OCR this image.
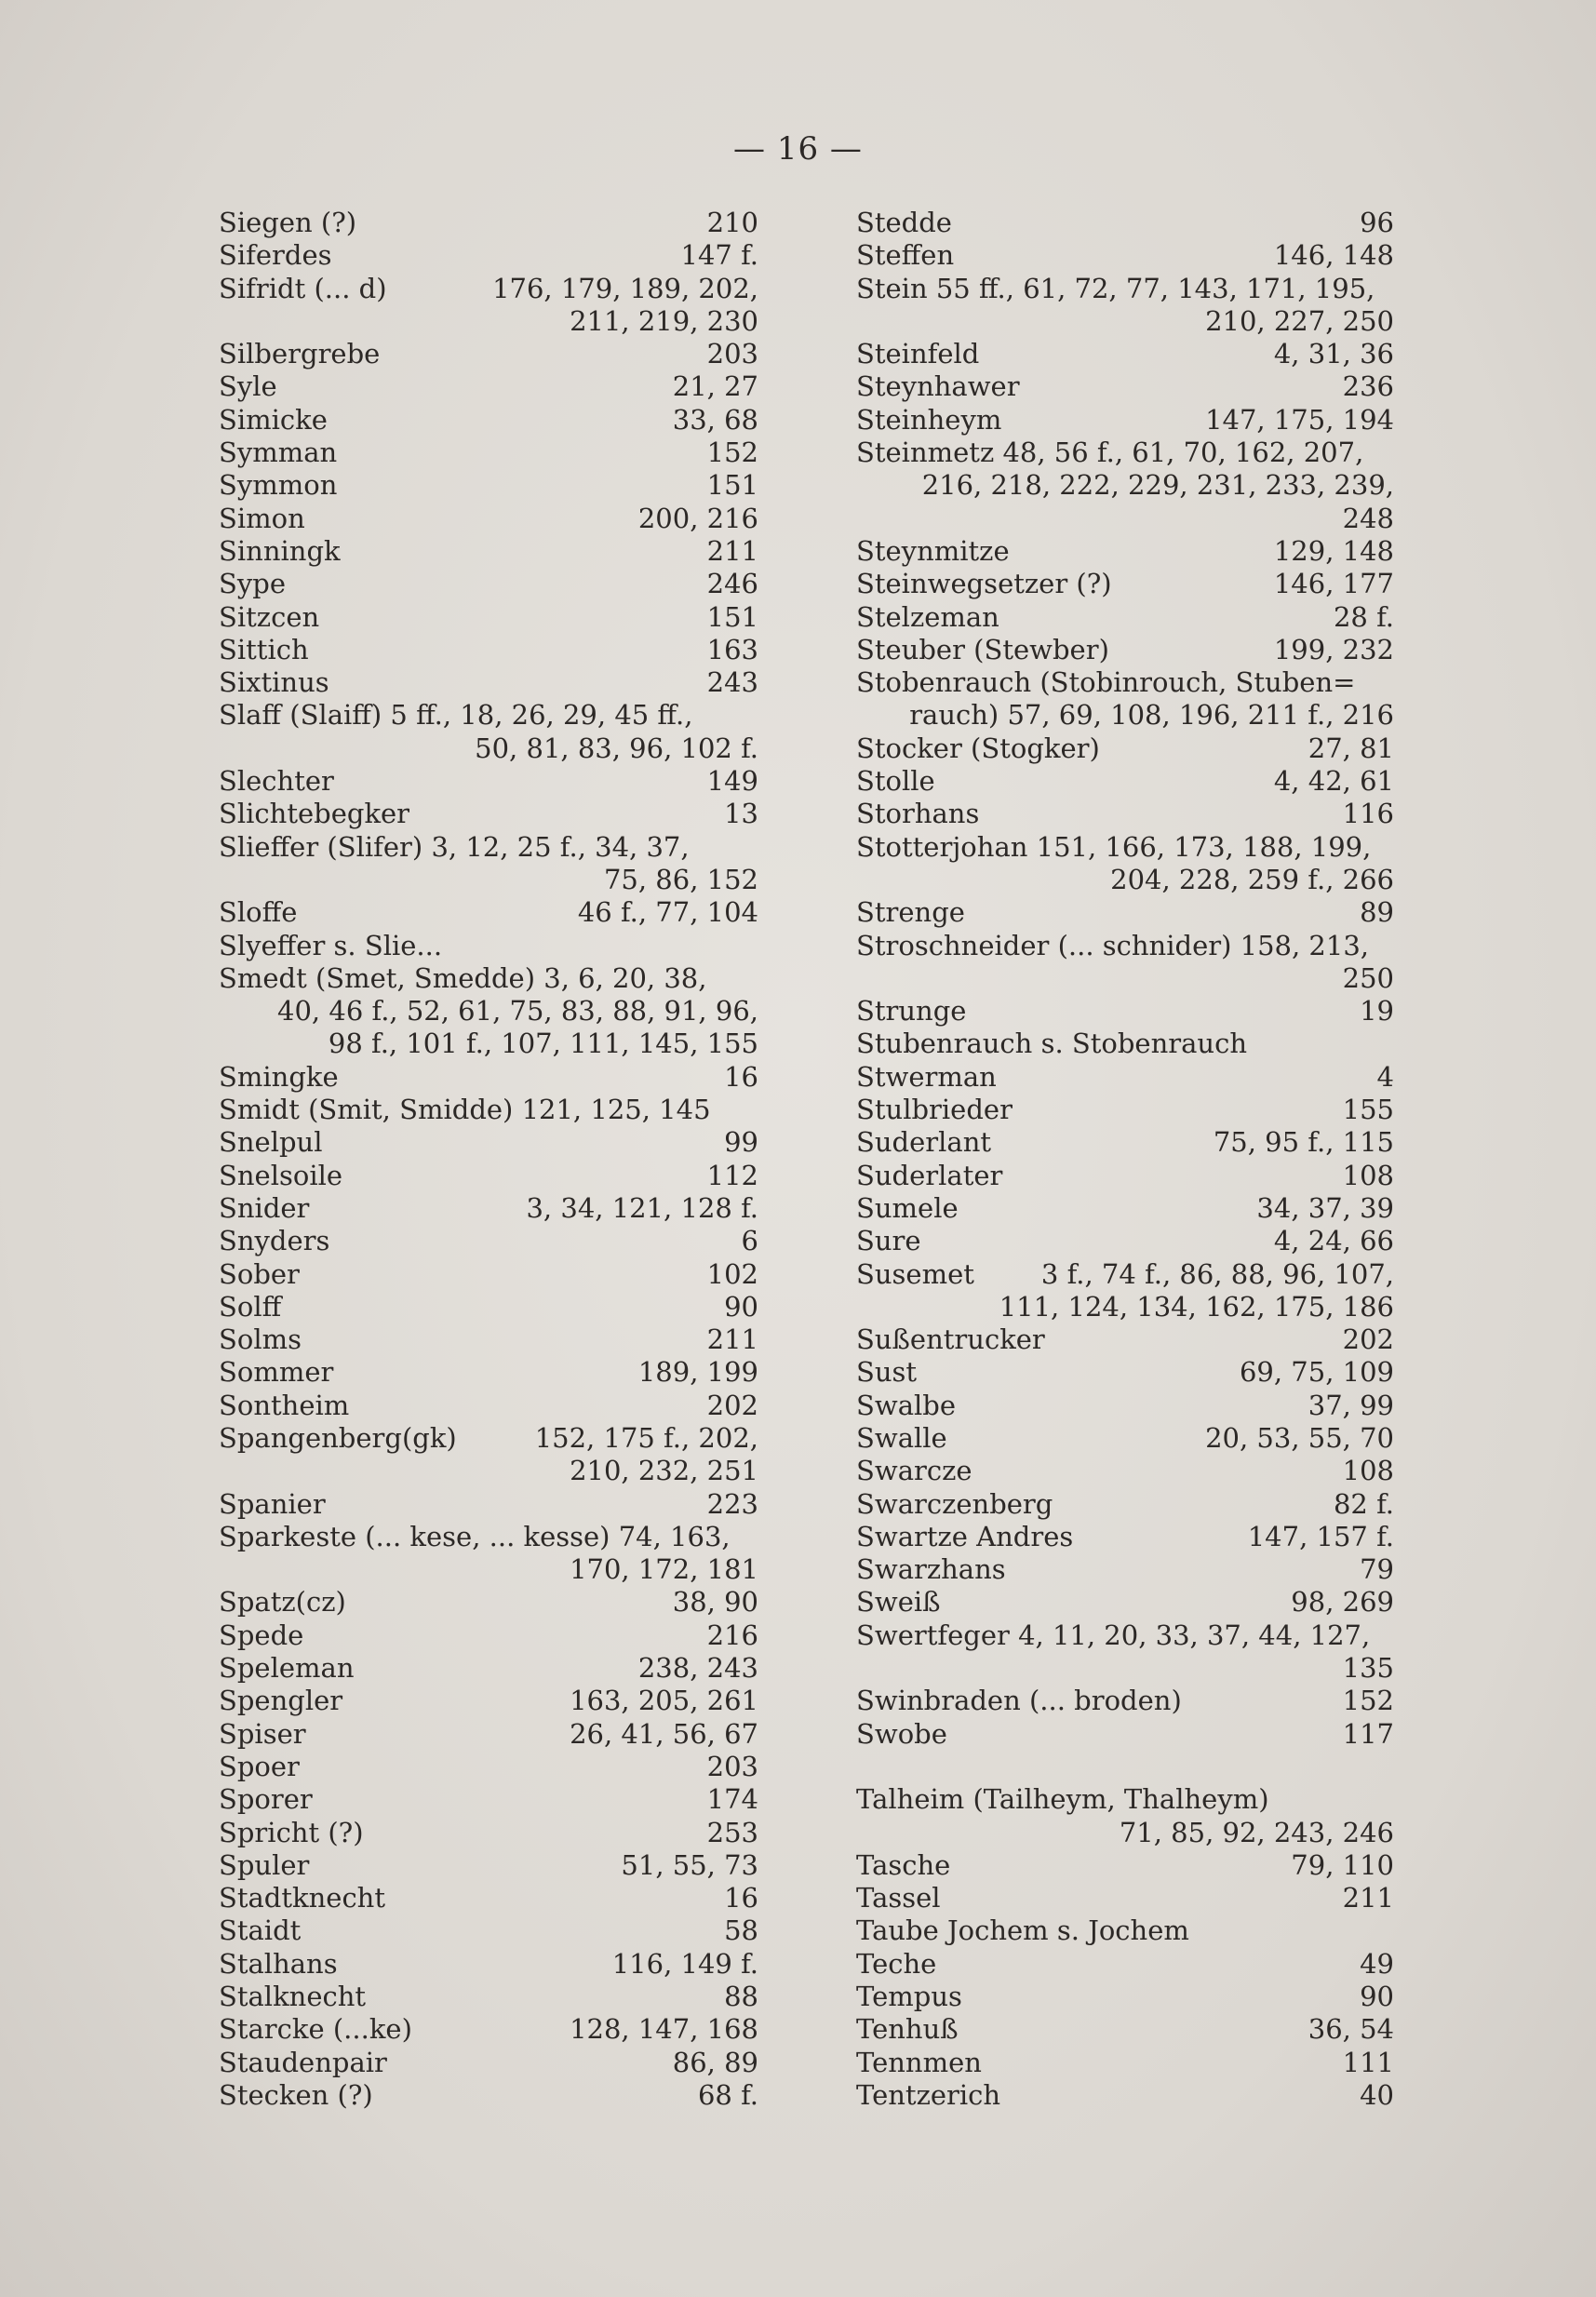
— 16 —
Siegen (?)	210
Siferdes	147 f.
Sifridt (... d)	176, 179, 189, 202,
211, 219, 230
Silbergrebe	203
Syle	21, 27
Simicke	33, 68
Symman	152
Symmon	151
Simon	200, 216
Sinningk	211
Sype	246
Sitzcen	151
Sittich	163
Sixtinus	243
Slaff (Slaiff) 5 ff., 18, 26, 29, 45 ff.,
50, 81, 83, 96, 102 f.
Slechter	149
Slichtebegker	13
Slieffer (Slifer) 3, 12, 25 f., 34, 37,
75, 86, 152
Sloffe	46 f., 77, 104
Slyeffer s. Slie...
Smedt (Smet, Smedde) 3, 6, 20, 38,
40, 46 f., 52, 61, 75, 83, 88, 91, 96,
98 f., 101 f., 107, 111, 145, 155
Smingke	16
Smidt (Smit, Smidde) 121, 125, 145
Snelpul	99
Snelsoile	112
Snider	3, 34, 121, 128 f.
Snyders	6
Sober	102
Solff	90
Solms	211
Sommer	189, 199
Sontheim	202
Spangenberg(gk)	152, 175 f., 202,
210, 232, 251
Spanier	223
Sparkeste (... kese, ... kesse) 74, 163,
170, 172, 181
Spatz(cz)	38, 90
Spede	216
Speleman	238, 243
Spengler	163, 205, 261
Spiser	26, 41, 56, 67
Spoer	203
Sporer	174
Spricht (?)	253
Spuler	51, 55, 73
Stadtknecht	16
Staidt	58
Stalhans	116, 149 f.
Stalknecht	88
Starcke (...ke)	128, 147, 168
Staudenpair	86, 89
Stecken (?)	68 f.
Stedde	96
Steffen	146, 148
Stein 55 ff., 61, 72, 77, 143, 171, 195,
210, 227, 250
Steinfeld	4, 31, 36
Steynhawer	236
Steinheym	147, 175, 194
Steinmetz 48, 56 f., 61, 70, 162, 207,
216, 218, 222, 229, 231, 233, 239,
248
Steynmitze	129, 148
Steinwegsetzer (?)	146, 177
Stelzeman	28 f.
Steuber (Stewber)	199, 232
Stobenrauch (Stobinrouch, Stuben=
rauch) 57, 69, 108, 196, 211 f., 216
Stocker (Stogker)	27, 81
Stolle	4, 42, 61
Storhans	116
Stotterjohan 151, 166, 173, 188, 199,
204, 228, 259 f., 266
Strenge	89
Stroschneider (... schnider) 158, 213,
250
Strunge	19
Stubenrauch s. Stobenrauch
Stwerman	4
Stulbrieder	155
Suderlant	75, 95 f., 115
Suderlater	108
Sumele	34, 37, 39
Sure	4, 24, 66
Susemet	3 f., 74 f., 86, 88, 96, 107,
111, 124, 134, 162, 175, 186
Sußentrucker	202
Sust	69, 75, 109
Swalbe	37, 99
Swalle	20, 53, 55, 70
Swarcze	108
Swarczenberg	82 f.
Swartze Andres	147, 157 f.
Swarzhans	79
Sweiß	98, 269
Swertfeger 4, 11, 20, 33, 37, 44, 127,
135
Swinbraden (... broden)	152
Swobe	117
Talheim (Tailheym, Thalheym)
71, 85, 92, 243, 246
Tasche	79, 110
Tassel	211
Taube Jochem s. Jochem
Teche	49
Tempus	90
Tenhuß	36, 54
Tennmen	111
Tentzerich	40
